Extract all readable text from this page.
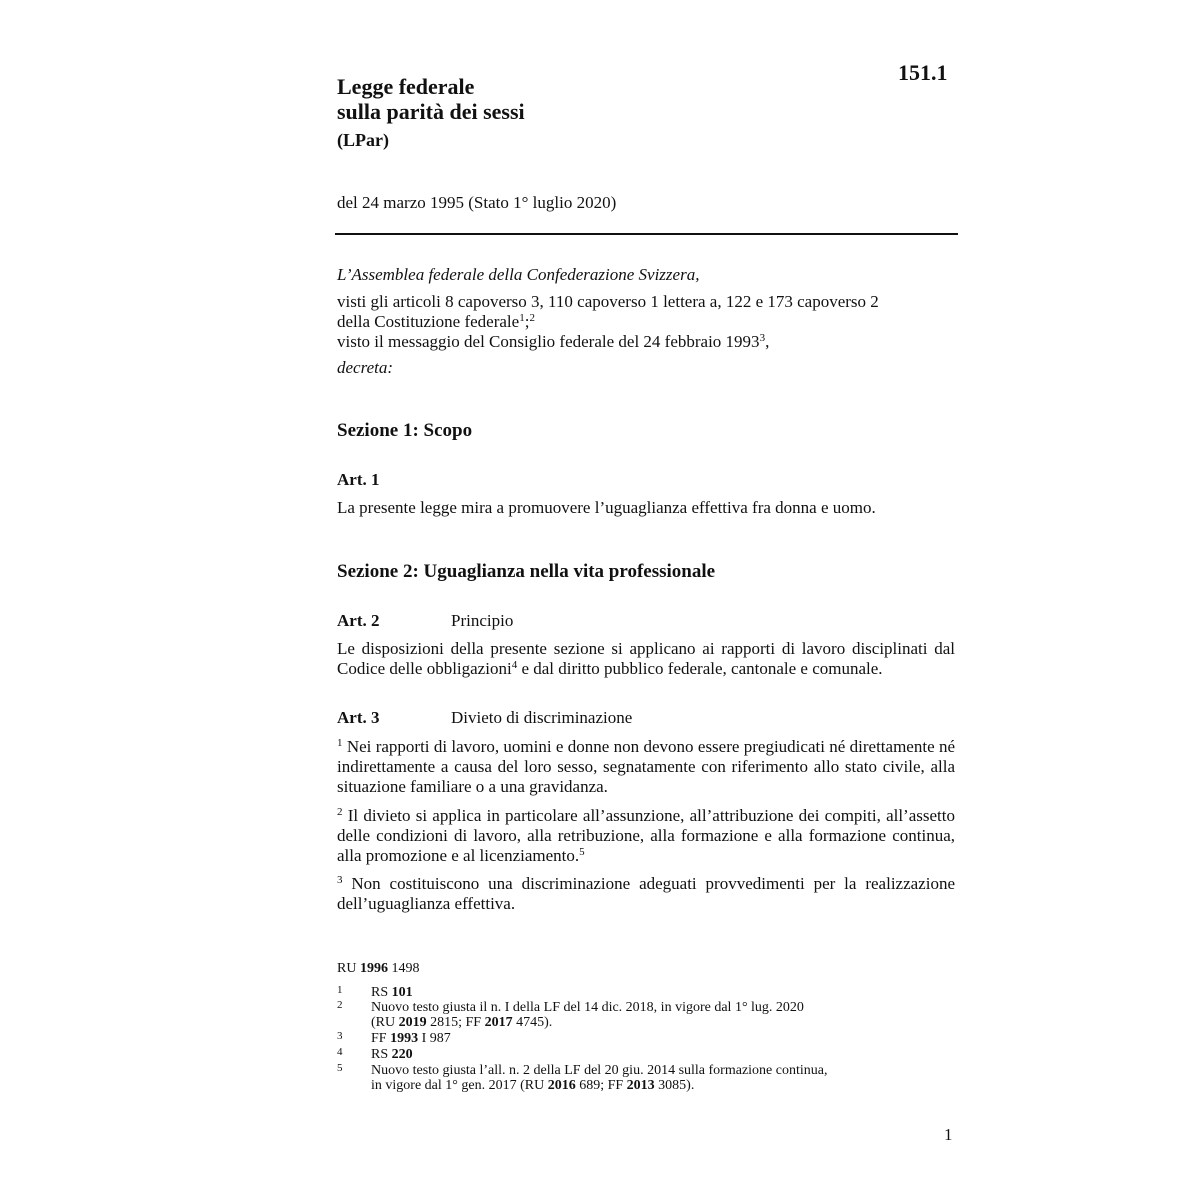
151.1
Legge federale
sulla parità dei sessi
(LPar)
del 24 marzo 1995 (Stato 1° luglio 2020)
L’Assemblea federale della Confederazione Svizzera,
visti gli articoli 8 capoverso 3, 110 capoverso 1 lettera a, 122 e 173 capoverso 2
della Costituzione federale$^1$;$^2$
visto il messaggio del Consiglio federale del 24 febbraio 1993$^3$,
decreta:
Sezione 1: Scopo
Art. 1
La presente legge mira a promuovere l’uguaglianza effettiva fra donna e uomo.
Sezione 2: Uguaglianza nella vita professionale
Art. 2	Principio
Le disposizioni della presente sezione si applicano ai rapporti di lavoro disciplinati dal Codice delle obbligazioni$^4$ e dal diritto pubblico federale, cantonale e comunale.
Art. 3	Divieto di discriminazione
$^1$ Nei rapporti di lavoro, uomini e donne non devono essere pregiudicati né direttamente né indirettamente a causa del loro sesso, segnatamente con riferimento allo stato civile, alla situazione familiare o a una gravidanza.
$^2$ Il divieto si applica in particolare all’assunzione, all’attribuzione dei compiti, all’assetto delle condizioni di lavoro, alla retribuzione, alla formazione e alla formazione continua, alla promozione e al licenziamento.$^5$
$^3$ Non costituiscono una discriminazione adeguati provvedimenti per la realizzazione dell’uguaglianza effettiva.
RU 1996 1498
1 RS 101
2 Nuovo testo giusta il n. I della LF del 14 dic. 2018, in vigore dal 1° lug. 2020
(RU 2019 2815; FF 2017 4745).
3 FF 1993 I 987
4 RS 220
5 Nuovo testo giusta l’all. n. 2 della LF del 20 giu. 2014 sulla formazione continua,
in vigore dal 1° gen. 2017 (RU 2016 689; FF 2013 3085).
1
